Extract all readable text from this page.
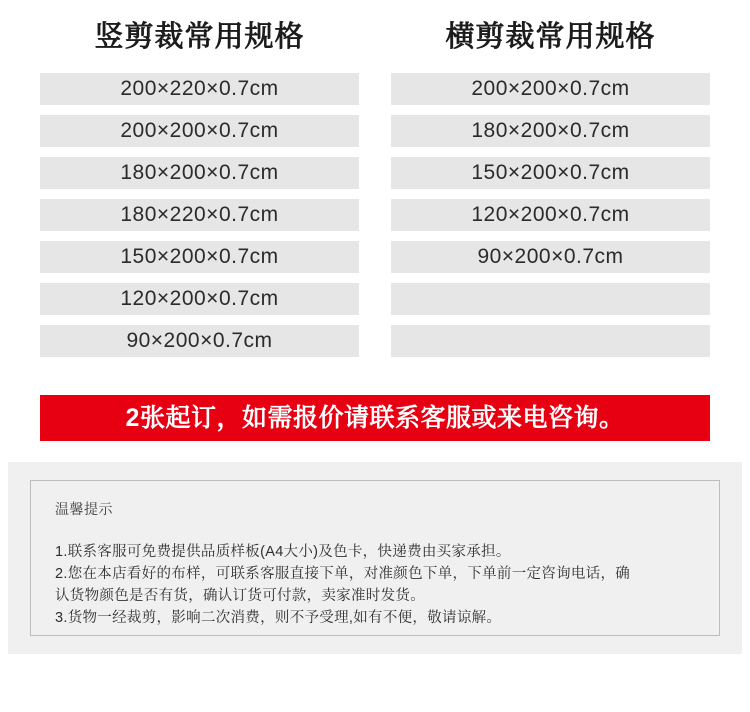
竖剪裁常用规格
200×220×0.7cm
200×200×0.7cm
180×200×0.7cm
180×220×0.7cm
150×200×0.7cm
120×200×0.7cm
90×200×0.7cm
横剪裁常用规格
200×200×0.7cm
180×200×0.7cm
150×200×0.7cm
120×200×0.7cm
90×200×0.7cm
2张起订，如需报价请联系客服或来电咨询。
温馨提示
1.联系客服可免费提供品质样板(A4大小)及色卡，快递费由买家承担。
2.您在本店看好的布样，可联系客服直接下单，对准颜色下单，下单前一定咨询电话，确
认货物颜色是否有货，确认订货可付款，卖家准时发货。
3.货物一经裁剪，影响二次消费，则不予受理,如有不便，敬请谅解。
